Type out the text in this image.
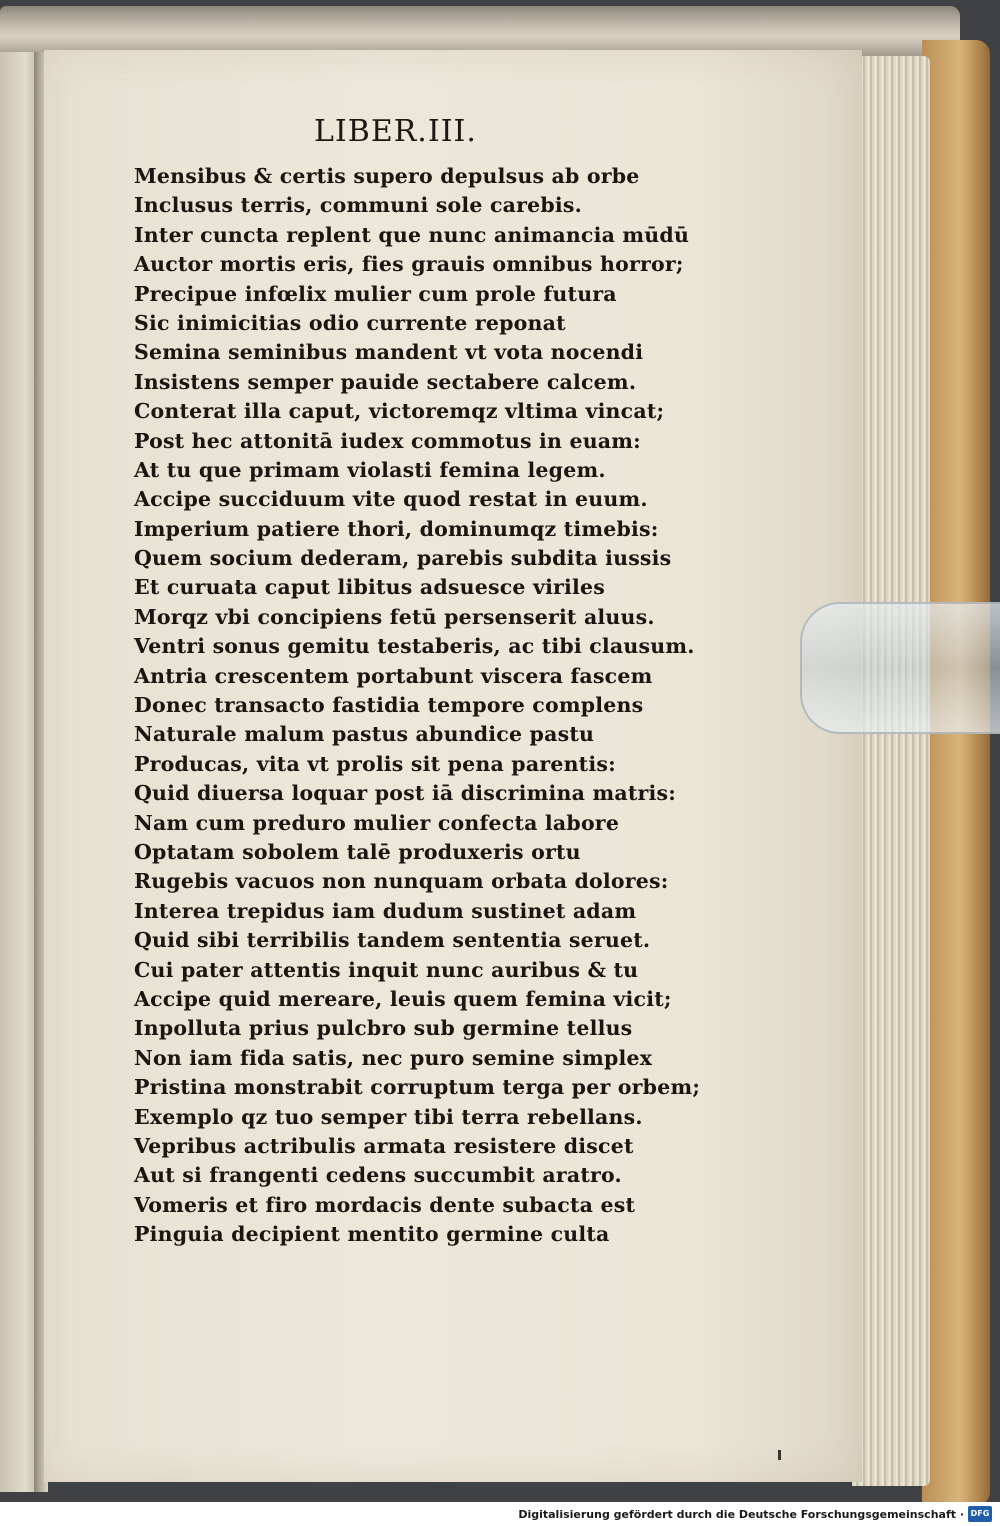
LIBER.III.
Mensibus & certis supero depulsus ab orbe
Inclusus terris, communi sole carebis.
Inter cuncta replent que nunc animancia mūdū
Auctor mortis eris, fies grauis omnibus horror;
Precipue infœlix mulier cum prole futura
Sic inimicitias odio currente reponat
Semina seminibus mandent vt vota nocendi
Insistens semper pauide sectabere calcem.
Conterat illa caput, victoremqz vltima vincat;
Post hec attonitā iudex commotus in euam:
At tu que primam violasti femina legem.
Accipe succiduum vite quod restat in euum.
Imperium patiere thori, dominumqz timebis:
Quem socium dederam, parebis subdita iussis
Et curuata caput libitus adsuesce viriles
Morqz vbi concipiens fetū persenserit aluus.
Ventri sonus gemitu testaberis, ac tibi clausum.
Antria crescentem portabunt viscera fascem
Donec transacto fastidia tempore complens
Naturale malum pastus abundice pastu
Producas, vita vt prolis sit pena parentis:
Quid diuersa loquar post iā discrimina matris:
Nam cum preduro mulier confecta labore
Optatam sobolem talē produxeris ortu
Rugebis vacuos non nunquam orbata dolores:
Interea trepidus iam dudum sustinet adam
Quid sibi terribilis tandem sententia seruet.
Cui pater attentis inquit nunc auribus & tu
Accipe quid mereare, leuis quem femina vicit;
Inpolluta prius pulcbro sub germine tellus
Non iam fida satis, nec puro semine simplex
Pristina monstrabit corruptum terga per orbem;
Exemplo qz tuo semper tibi terra rebellans.
Vepribus actribulis armata resistere discet
Aut si frangenti cedens succumbit aratro.
Vomeris et firo mordacis dente subacta est
Pinguia decipient mentito germine culta
Digitalisierung gefördert durch die Deutsche Forschungsgemeinschaft · DFG
